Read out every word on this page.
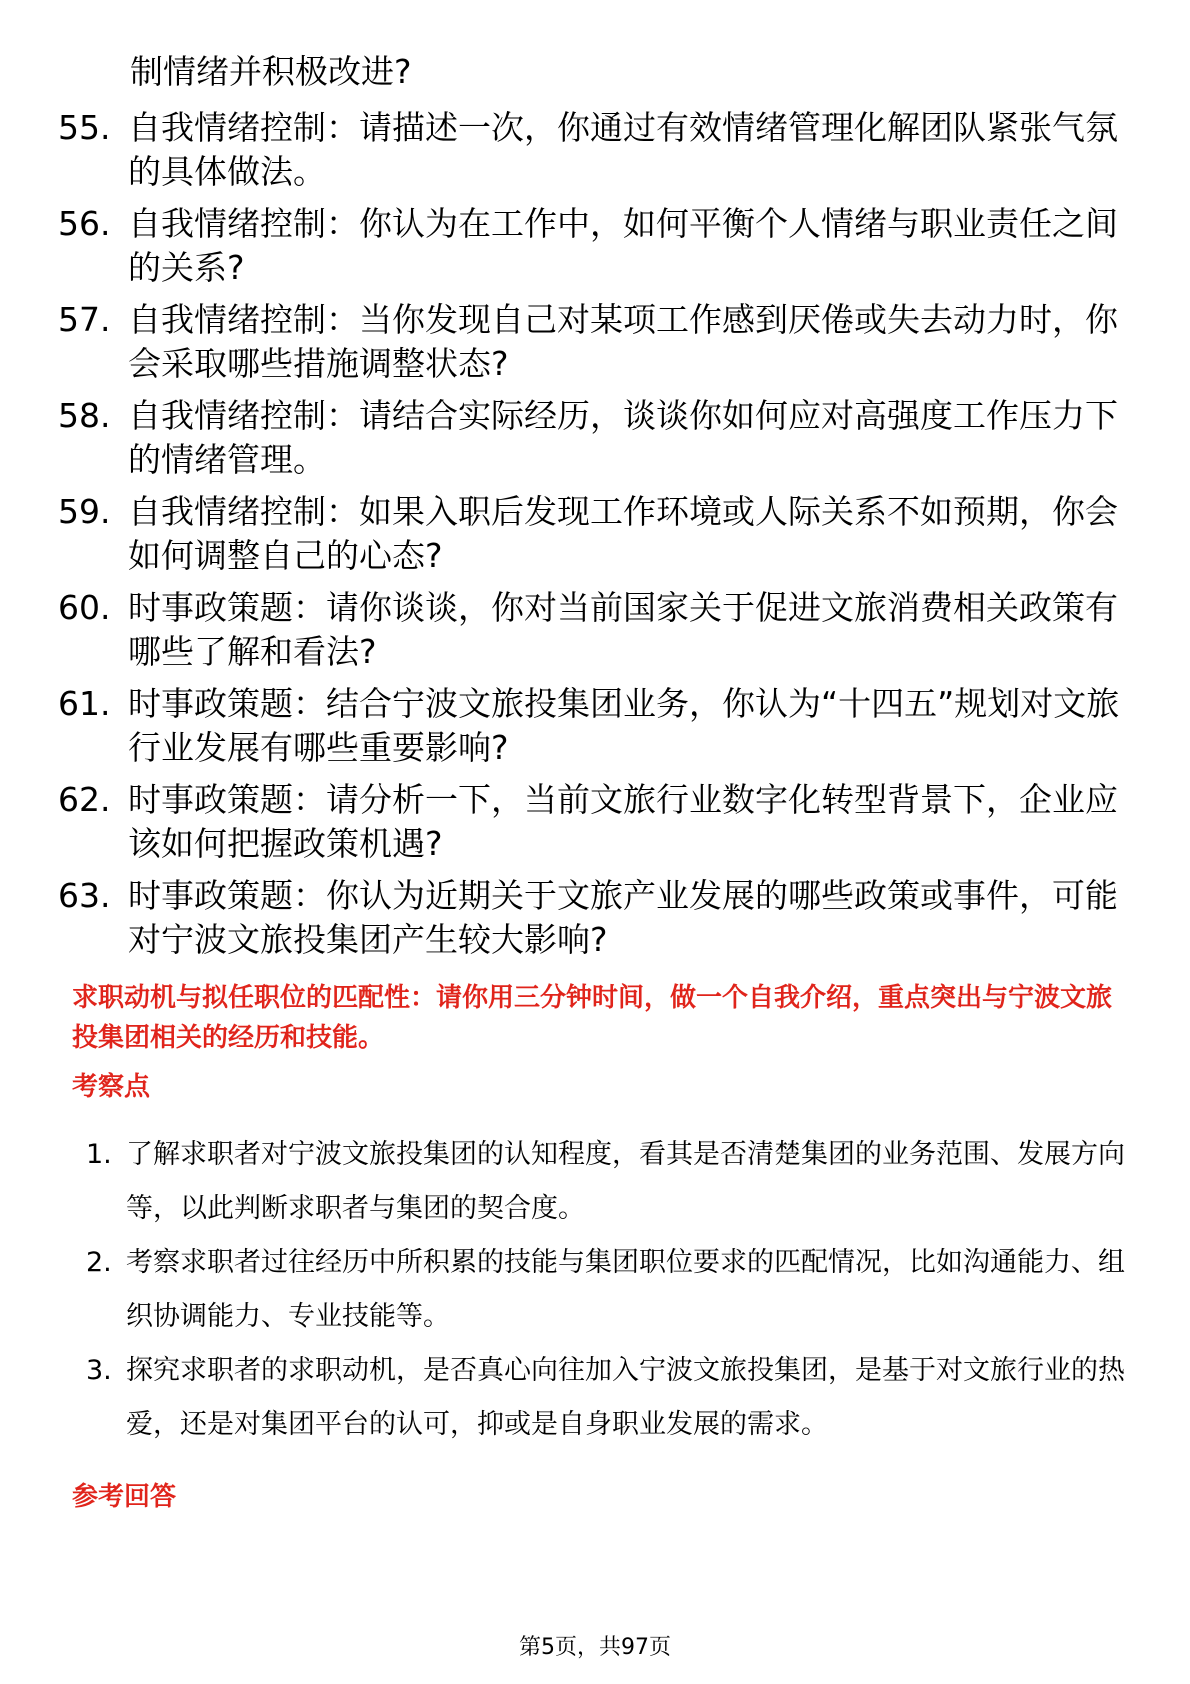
制情绪并积极改进?
55. 自我情绪控制：请描述一次，你通过有效情绪管理化解团队紧张气氛的具体做法。
56. 自我情绪控制：你认为在工作中，如何平衡个人情绪与职业责任之间的关系?
57. 自我情绪控制：当你发现自己对某项工作感到厌倦或失去动力时，你会采取哪些措施调整状态?
58. 自我情绪控制：请结合实际经历，谈谈你如何应对高强度工作压力下的情绪管理。
59. 自我情绪控制：如果入职后发现工作环境或人际关系不如预期，你会如何调整自己的心态?
60. 时事政策题：请你谈谈，你对当前国家关于促进文旅消费相关政策有哪些了解和看法?
61. 时事政策题：结合宁波文旅投集团业务，你认为“十四五”规划对文旅行业发展有哪些重要影响?
62. 时事政策题：请分析一下，当前文旅行业数字化转型背景下，企业应该如何把握政策机遇?
63. 时事政策题：你认为近期关于文旅产业发展的哪些政策或事件，可能对宁波文旅投集团产生较大影响?
求职动机与拟任职位的匹配性：请你用三分钟时间，做一个自我介绍，重点突出与宁波文旅投集团相关的经历和技能。
考察点
1. 了解求职者对宁波文旅投集团的认知程度，看其是否清楚集团的业务范围、发展方向等，以此判断求职者与集团的契合度。
2. 考察求职者过往经历中所积累的技能与集团职位要求的匹配情况，比如沟通能力、组织协调能力、专业技能等。
3. 探究求职者的求职动机，是否真心向往加入宁波文旅投集团，是基于对文旅行业的热爱，还是对集团平台的认可，抑或是自身职业发展的需求。
参考回答
第5页，共97页
